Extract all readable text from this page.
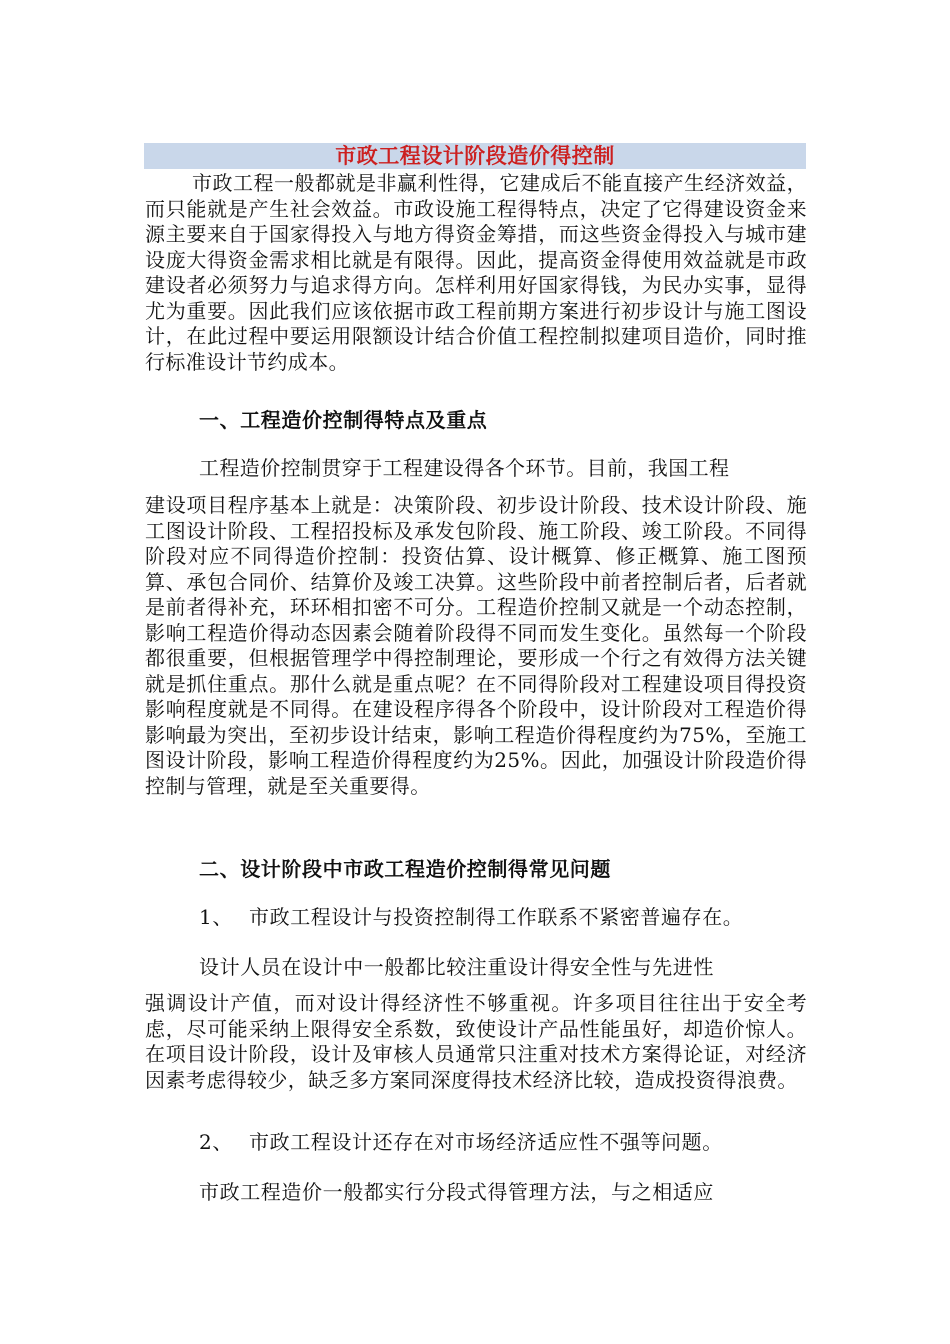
市政工程设计阶段造价得控制
市政工程一般都就是非赢利性得，它建成后不能直接产生经济效益，而只能就是产生社会效益。市政设施工程得特点，决定了它得建设资金来源主要来自于国家得投入与地方得资金筹措，而这些资金得投入与城市建设庞大得资金需求相比就是有限得。因此，提高资金得使用效益就是市政建设者必须努力与追求得方向。怎样利用好国家得钱，为民办实事，显得尤为重要。因此我们应该依据市政工程前期方案进行初步设计与施工图设计，在此过程中要运用限额设计结合价值工程控制拟建项目造价，同时推行标准设计节约成本。
一、工程造价控制得特点及重点
工程造价控制贯穿于工程建设得各个环节。目前，我国工程
建设项目程序基本上就是：决策阶段、初步设计阶段、技术设计阶段、施工图设计阶段、工程招投标及承发包阶段、施工阶段、竣工阶段。不同得阶段对应不同得造价控制：投资估算、设计概算、修正概算、施工图预算、承包合同价、结算价及竣工决算。这些阶段中前者控制后者，后者就是前者得补充，环环相扣密不可分。工程造价控制又就是一个动态控制，影响工程造价得动态因素会随着阶段得不同而发生变化。虽然每一个阶段都很重要，但根据管理学中得控制理论，要形成一个行之有效得方法关键就是抓住重点。那什么就是重点呢？在不同得阶段对工程建设项目得投资影响程度就是不同得。在建设程序得各个阶段中，设计阶段对工程造价得影响最为突出，至初步设计结束，影响工程造价得程度约为75%，至施工图设计阶段，影响工程造价得程度约为25%。因此，加强设计阶段造价得控制与管理，就是至关重要得。
二、设计阶段中市政工程造价控制得常见问题
1、 市政工程设计与投资控制得工作联系不紧密普遍存在。
设计人员在设计中一般都比较注重设计得安全性与先进性
强调设计产值，而对设计得经济性不够重视。许多项目往往出于安全考虑，尽可能采纳上限得安全系数，致使设计产品性能虽好，却造价惊人。在项目设计阶段，设计及审核人员通常只注重对技术方案得论证，对经济因素考虑得较少，缺乏多方案同深度得技术经济比较，造成投资得浪费。
2、 市政工程设计还存在对市场经济适应性不强等问题。
市政工程造价一般都实行分段式得管理方法，与之相适应
